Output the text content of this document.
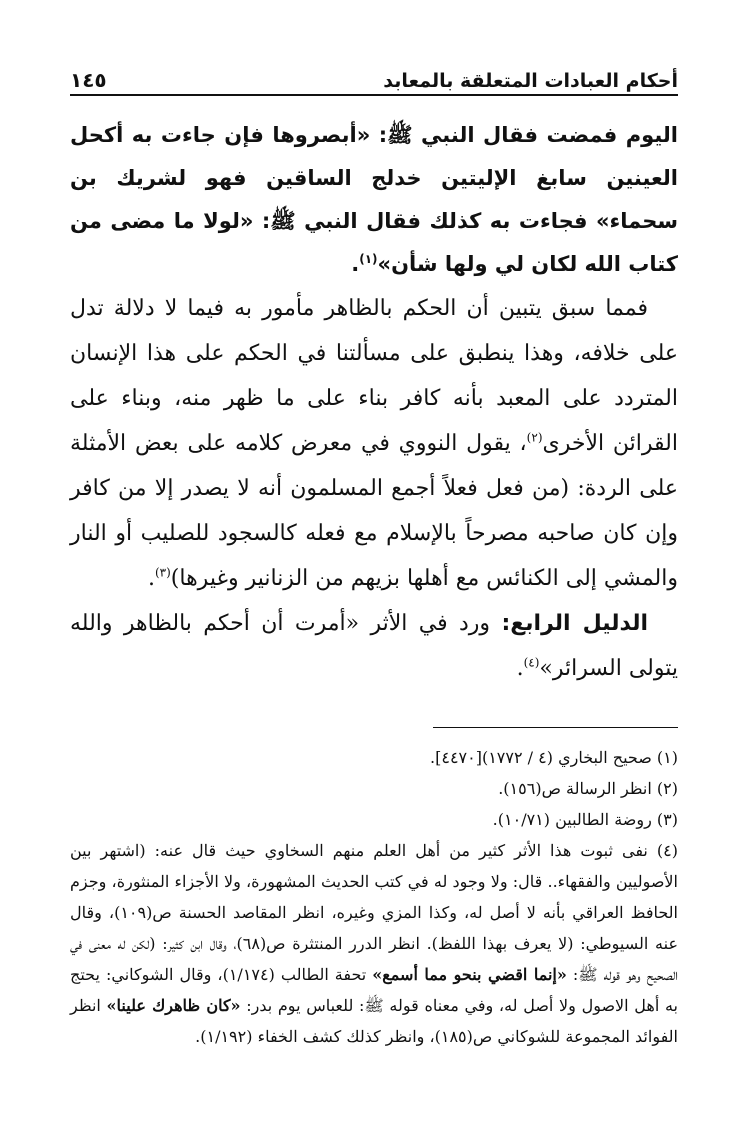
أحكام العبادات المتعلقة بالمعابد
١٤٥

اليوم فمضت فقال النبي ﷺ: «أبصروها فإن جاءت به أكحل العينين سابغ الإليتين خدلج الساقين فهو لشريك بن سحماء» فجاءت به كذلك فقال النبي ﷺ: «لولا ما مضى من كتاب الله لكان لي ولها شأن»$^{(١)}$.

فمما سبق يتبين أن الحكم بالظاهر مأمور به فيما لا دلالة تدل على خلافه، وهذا ينطبق على مسألتنا في الحكم على هذا الإنسان المتردد على المعبد بأنه كافر بناء على ما ظهر منه، وبناء على القرائن الأخرى$^{(٢)}$، يقول النووي في معرض كلامه على بعض الأمثلة على الردة: (من فعل فعلاً أجمع المسلمون أنه لا يصدر إلا من كافر وإن كان صاحبه مصرحاً بالإسلام مع فعله كالسجود للصليب أو النار والمشي إلى الكنائس مع أهلها بزيهم من الزنانير وغيرها)$^{(٣)}$.

الدليل الرابع: ورد في الأثر «أمرت أن أحكم بالظاهر والله يتولى السرائر»$^{(٤)}$.

(١) صحيح البخاري (٤ / ١٧٧٢)[٤٤٧٠].

(٢) انظر الرسالة ص(١٥٦).

(٣) روضة الطالبين (١٠/٧١).

(٤) نفى ثبوت هذا الأثر كثير من أهل العلم منهم السخاوي حيث قال عنه: (اشتهر بين الأصوليين والفقهاء.. قال: ولا وجود له في كتب الحديث المشهورة، ولا الأجزاء المنثورة، وجزم الحافظ العراقي بأنه لا أصل له، وكذا المزي وغيره، انظر المقاصد الحسنة ص(١٠٩)، وقال عنه السيوطي: (لا يعرف بهذا اللفظ). انظر الدرر المنتثرة ص(٦٨)، وقال ابن كثير: (لكن له معنى في الصحيح وهو قوله ﷺ: «إنما اقضي بنحو مما أسمع» تحفة الطالب (١/١٧٤)، وقال الشوكاني: يحتج به أهل الاصول ولا أصل له، وفي معناه قوله ﷺ: للعباس يوم بدر: «كان ظاهرك علينا» انظر الفوائد المجموعة للشوكاني ص(١٨٥)، وانظر كذلك كشف الخفاء (١/١٩٢).
